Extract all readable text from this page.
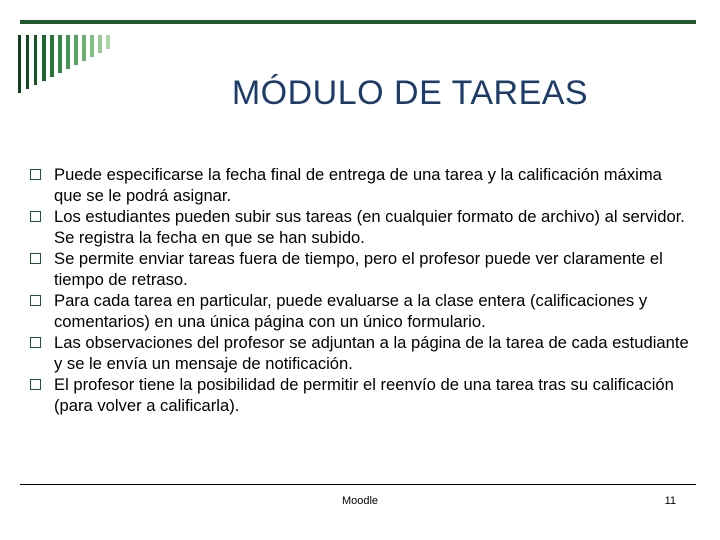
MÓDULO DE TAREAS
Puede especificarse la fecha final de entrega de una tarea y la calificación máxima que se le podrá asignar.
Los estudiantes pueden subir sus tareas (en cualquier formato de archivo) al servidor. Se registra la fecha en que se han subido.
Se permite enviar tareas fuera de tiempo, pero el profesor puede ver claramente el tiempo de retraso.
Para cada tarea en particular, puede evaluarse a la clase entera (calificaciones y comentarios) en una única página con un único formulario.
Las observaciones del profesor se adjuntan a la página de la tarea de cada estudiante y se le envía un mensaje de notificación.
El profesor tiene la posibilidad de permitir el reenvío de una tarea tras su calificación (para volver a calificarla).
Moodle	11
